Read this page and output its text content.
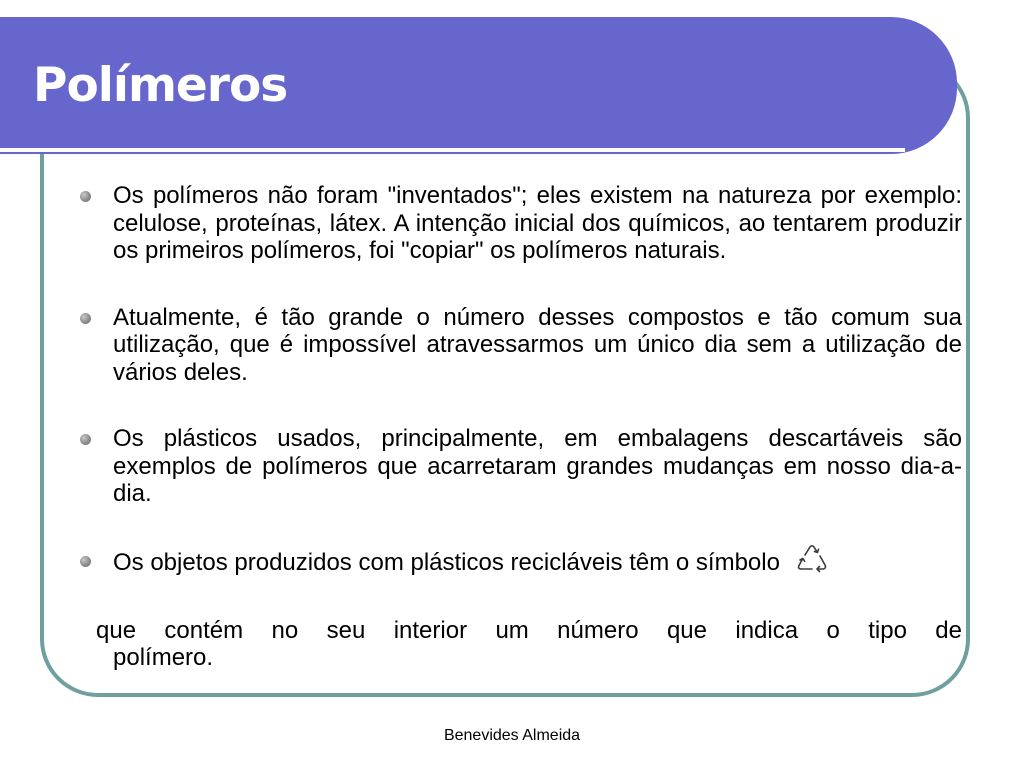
Polímeros
Os polímeros não foram "inventados"; eles existem na natureza por exemplo: celulose, proteínas, látex. A intenção inicial dos químicos, ao tentarem produzir os primeiros polímeros, foi "copiar" os polímeros naturais.
Atualmente, é tão grande o número desses compostos e tão comum sua utilização, que é impossível atravessarmos um único dia sem a utilização de vários deles.
Os plásticos usados, principalmente, em embalagens descartáveis são exemplos de polímeros que acarretaram grandes mudanças em nosso dia-a-dia.
Os objetos produzidos com plásticos recicláveis têm o símbolo

que contém no seu interior um número que indica o tipo de

polímero.

Benevides Almeida
